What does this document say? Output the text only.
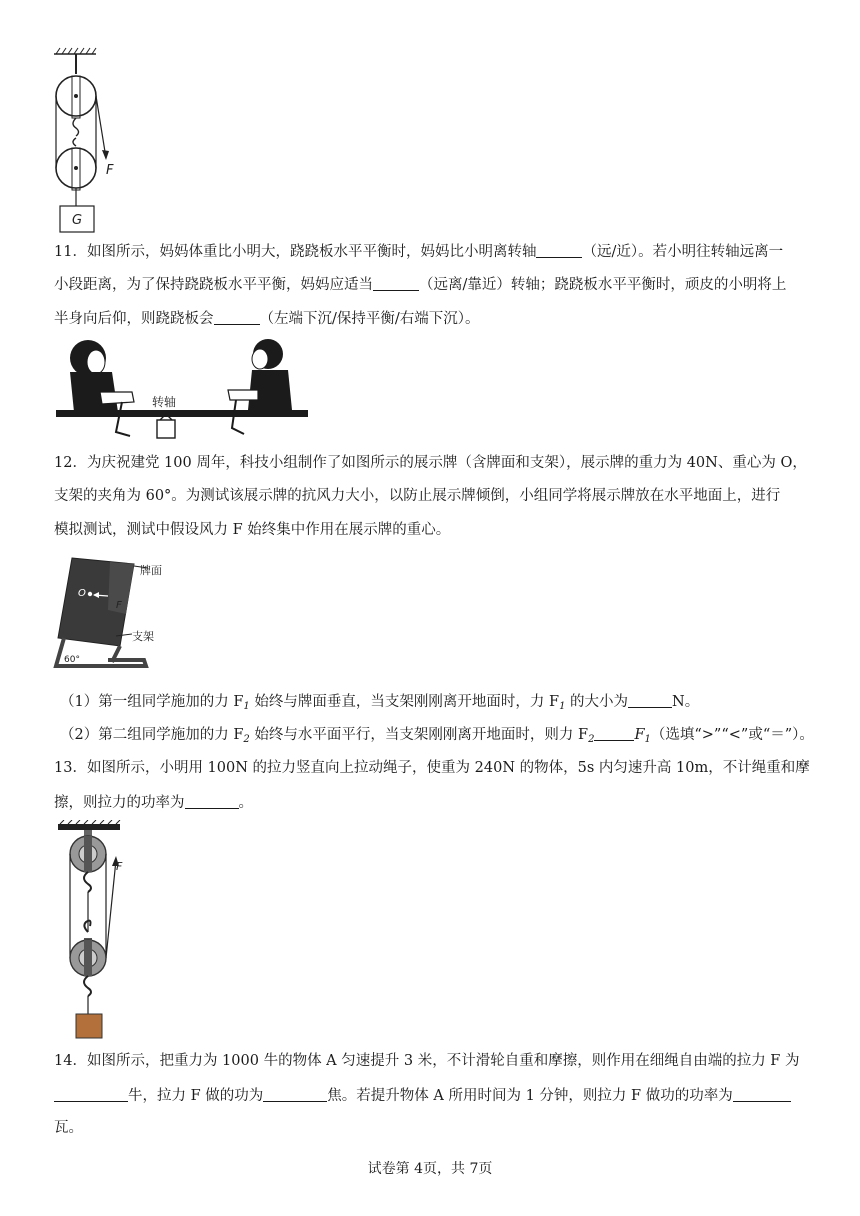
F
G
11．如图所示，妈妈体重比小明大，跷跷板水平平衡时，妈妈比小明离转轴	（远/近）。若小明往转轴远离一
小段距离，为了保持跷跷板水平平衡，妈妈应适当	（远离/靠近）转轴；跷跷板水平平衡时，顽皮的小明将上
半身向后仰，则跷跷板会	（左端下沉/保持平衡/右端下沉）。
转轴
12．为庆祝建党 100 周年，科技小组制作了如图所示的展示牌（含牌面和支架），展示牌的重力为 40N、重心为 O，
支架的夹角为 60°。为测试该展示牌的抗风力大小，以防止展示牌倾倒，小组同学将展示牌放在水平地面上，进行
模拟测试，测试中假设风力 F 始终集中作用在展示牌的重心。
牌面
O
F
支架
60°
（1）第一组同学施加的力 $F_1$ 始终与牌面垂直，当支架刚刚离开地面时，力 $F_1$ 的大小为	N。
（2）第二组同学施加的力 $F_2$ 始终与水平面平行，当支架刚刚离开地面时，则力 $F_2$	$F_1$（选填“>”“<”或“＝”）。
13．如图所示，小明用 100N 的拉力竖直向上拉动绳子，使重为 240N 的物体，5s 内匀速升高 10m，不计绳重和摩
擦，则拉力的功率为	。
F
14．如图所示，把重力为 1000 牛的物体 A 匀速提升 3 米，不计滑轮自重和摩擦，则作用在细绳自由端的拉力 F 为
牛，拉力 F 做的功为	焦。若提升物体 A 所用时间为 1 分钟，则拉力 F 做功的功率为
瓦。
试卷第 4页，共 7页
